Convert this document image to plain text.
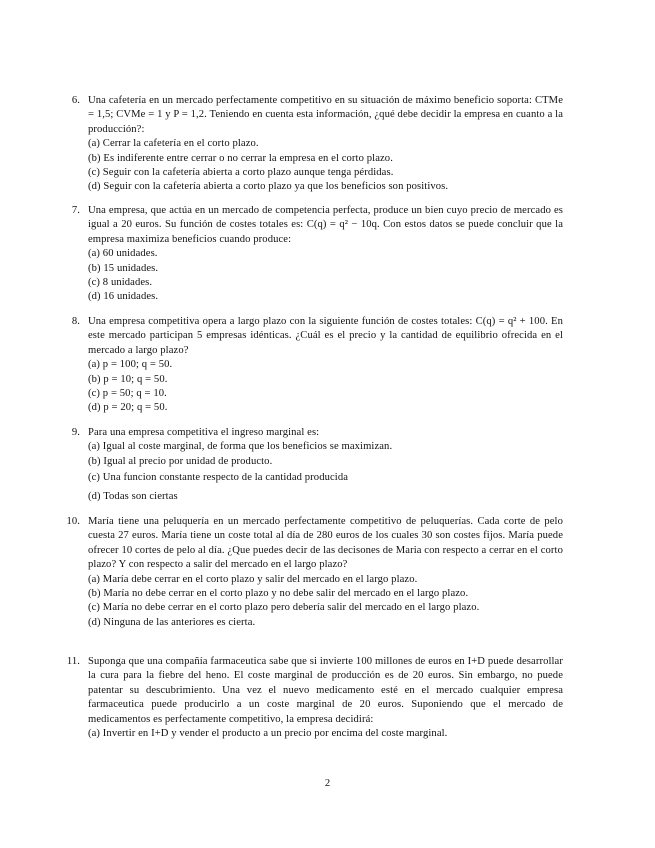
6. Una cafetería en un mercado perfectamente competitivo en su situación de máximo beneficio soporta: CTMe = 1,5; CVMe = 1 y P = 1,2. Teniendo en cuenta esta información, ¿qué debe decidir la empresa en cuanto a la producción?:
(a) Cerrar la cafetería en el corto plazo.
(b) Es indiferente entre cerrar o no cerrar la empresa en el corto plazo.
(c) Seguir con la cafetería abierta a corto plazo aunque tenga pérdidas.
(d) Seguir con la cafetería abierta a corto plazo ya que los beneficios son positivos.
7. Una empresa, que actúa en un mercado de competencia perfecta, produce un bien cuyo precio de mercado es igual a 20 euros. Su función de costes totales es: C(q) = q² − 10q. Con estos datos se puede concluir que la empresa maximiza beneficios cuando produce:
(a) 60 unidades.
(b) 15 unidades.
(c) 8 unidades.
(d) 16 unidades.
8. Una empresa competitiva opera a largo plazo con la siguiente función de costes totales: C(q) = q² + 100. En este mercado participan 5 empresas idénticas. ¿Cuál es el precio y la cantidad de equilibrio ofrecida en el mercado a largo plazo?
(a) p = 100; q = 50.
(b) p = 10; q = 50.
(c) p = 50; q = 10.
(d) p = 20; q = 50.
9. Para una empresa competitiva el ingreso marginal es:
(a) Igual al coste marginal, de forma que los beneficios se maximizan.
(b) Igual al precio por unidad de producto.
(c) Una funcion constante respecto de la cantidad producida
(d) Todas son ciertas
10. María tiene una peluquería en un mercado perfectamente competitivo de peluquerías. Cada corte de pelo cuesta 27 euros. María tiene un coste total al día de 280 euros de los cuales 30 son costes fijos. María puede ofrecer 10 cortes de pelo al día. ¿Que puedes decir de las decisones de Maria con respecto a cerrar en el corto plazo? Y con respecto a salir del mercado en el largo plazo?
(a) María debe cerrar en el corto plazo y salir del mercado en el largo plazo.
(b) María no debe cerrar en el corto plazo y no debe salir del mercado en el largo plazo.
(c) María no debe cerrar en el corto plazo pero debería salir del mercado en el largo plazo.
(d) Ninguna de las anteriores es cierta.
11. Suponga que una compañía farmaceutica sabe que si invierte 100 millones de euros en I+D puede desarrollar la cura para la fiebre del heno. El coste marginal de producción es de 20 euros. Sin embargo, no puede patentar su descubrimiento. Una vez el nuevo medicamento esté en el mercado cualquier empresa farmaceutica puede producirlo a un coste marginal de 20 euros. Suponiendo que el mercado de medicamentos es perfectamente competitivo, la empresa decidirá:
(a) Invertir en I+D y vender el producto a un precio por encima del coste marginal.
2
